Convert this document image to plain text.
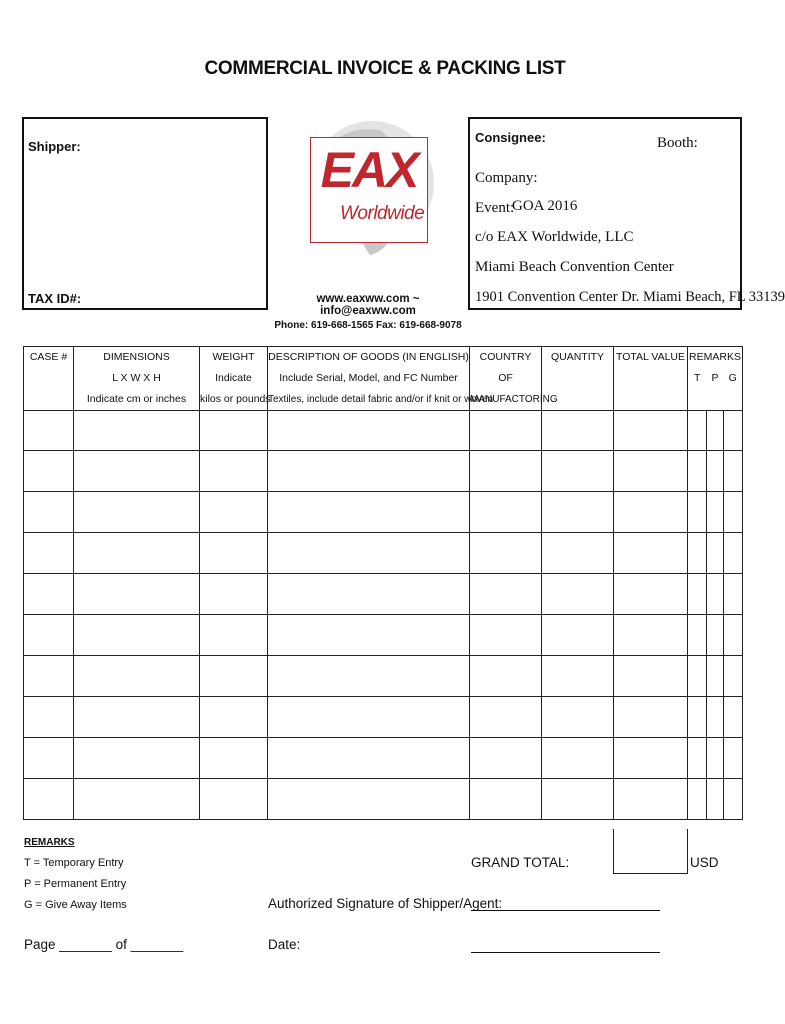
COMMERCIAL INVOICE & PACKING LIST
Shipper:
TAX ID#:
EAX
Worldwide
www.eaxww.com ~ info@eaxww.com
Phone: 619-668-1565 Fax: 619-668-9078
Consignee:	Booth:
Company:
Event:
GOA 2016
c/o EAX Worldwide, LLC
Miami Beach Convention Center
1901 Convention Center Dr. Miami Beach, FL 33139
CASE #	DIMENSIONS	WEIGHT	DESCRIPTION OF GOODS (IN ENGLISH)	COUNTRY	QUANTITY	TOTAL VALUE	REMARKS		
	L X W X H	Indicate	Include Serial, Model, and FC Number	OF			T	P	G
	Indicate cm or inches	kilos or pounds	Textiles, include detail fabric and/or if knit or woven	MANUFACTORING					

REMARKS
T = Temporary Entry
P = Permanent Entry
G = Give Away Items
GRAND TOTAL:	USD
Authorized Signature of Shipper/Agent:
Page _______ of _______	Date:
